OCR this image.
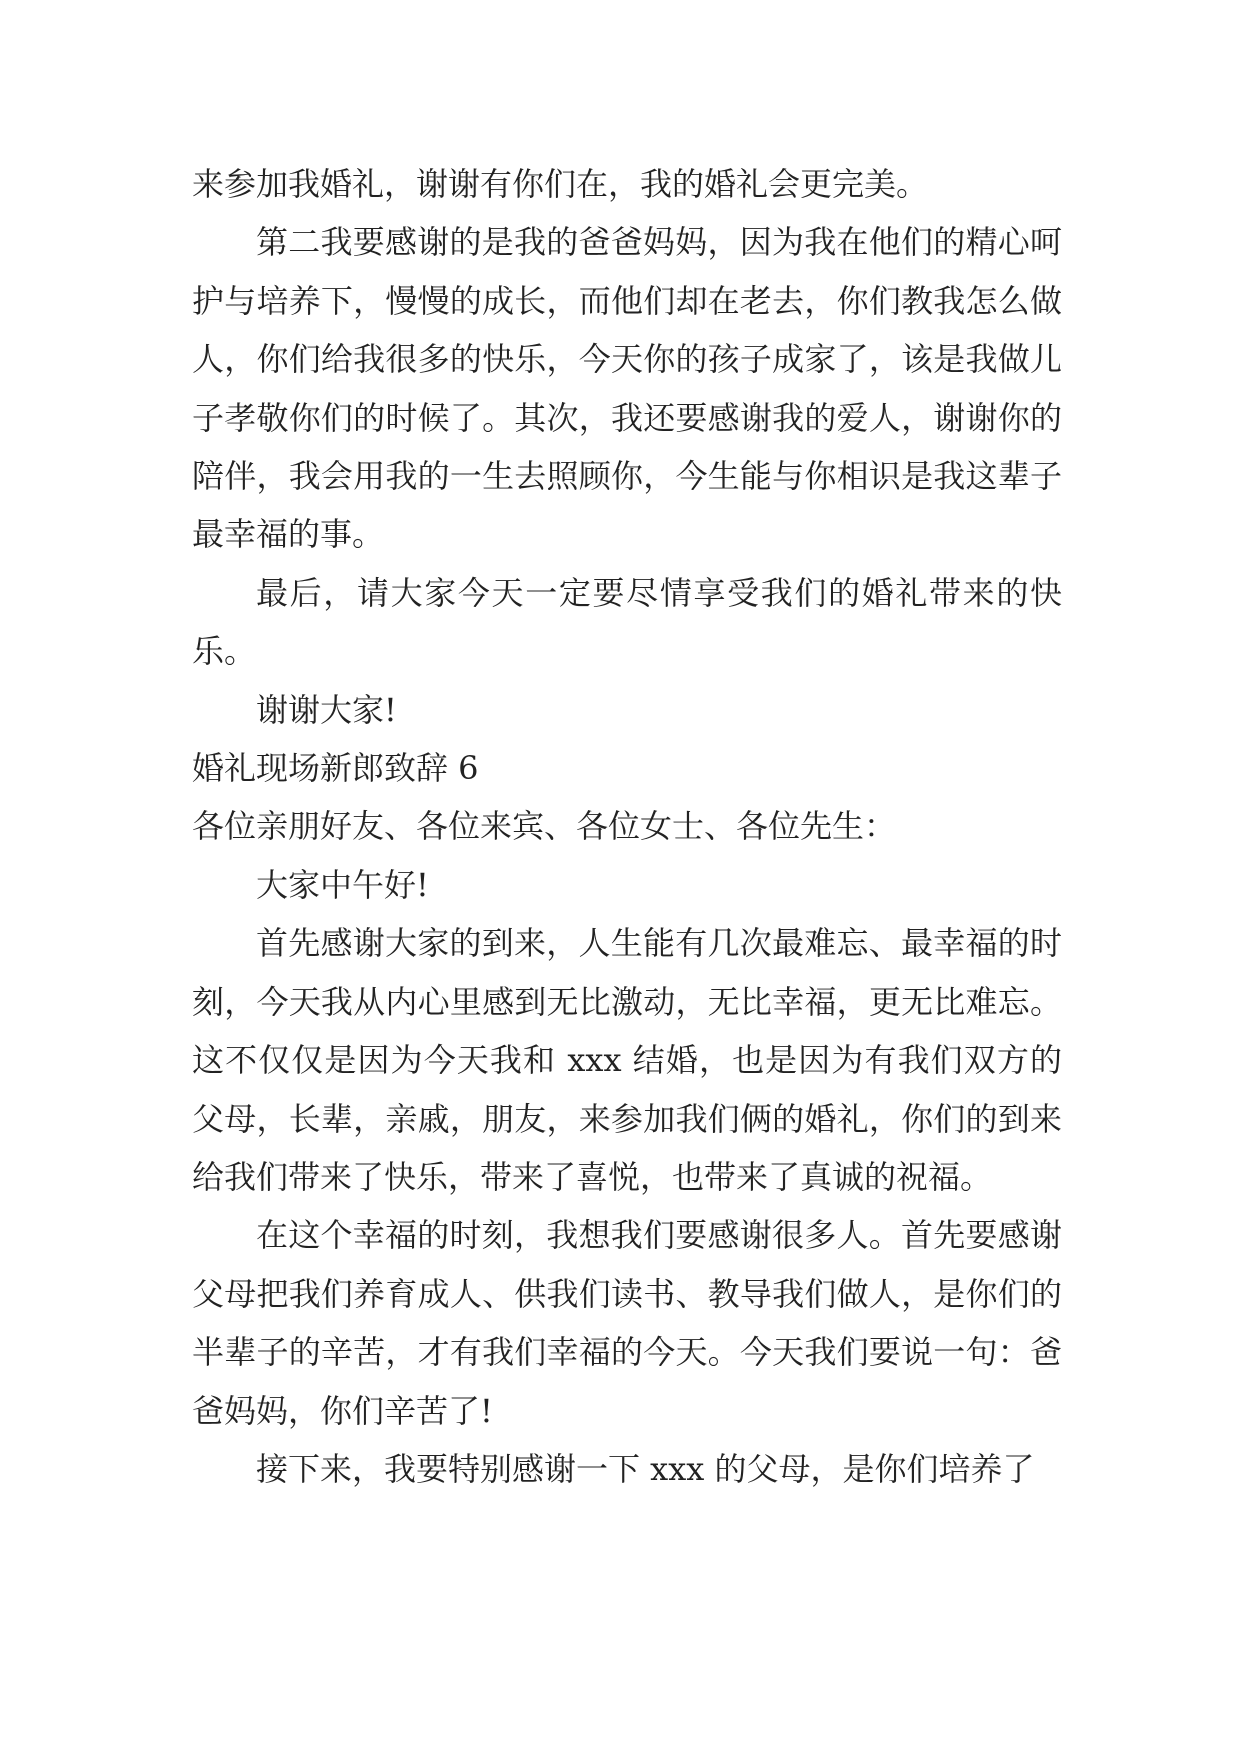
来参加我婚礼，谢谢有你们在，我的婚礼会更完美。

第二我要感谢的是我的爸爸妈妈，因为我在他们的精心呵护与培养下，慢慢的成长，而他们却在老去，你们教我怎么做人，你们给我很多的快乐，今天你的孩子成家了，该是我做儿子孝敬你们的时候了。其次，我还要感谢我的爱人，谢谢你的陪伴，我会用我的一生去照顾你，今生能与你相识是我这辈子最幸福的事。

最后，请大家今天一定要尽情享受我们的婚礼带来的快乐。

谢谢大家!

婚礼现场新郎致辞 6

各位亲朋好友、各位来宾、各位女士、各位先生：

大家中午好!

首先感谢大家的到来，人生能有几次最难忘、最幸福的时刻，今天我从内心里感到无比激动，无比幸福，更无比难忘。这不仅仅是因为今天我和 xxx 结婚，也是因为有我们双方的父母，长辈，亲戚，朋友，来参加我们俩的婚礼，你们的到来给我们带来了快乐，带来了喜悦，也带来了真诚的祝福。

在这个幸福的时刻，我想我们要感谢很多人。首先要感谢父母把我们养育成人、供我们读书、教导我们做人，是你们的半辈子的辛苦，才有我们幸福的今天。今天我们要说一句：爸爸妈妈，你们辛苦了!

接下来，我要特别感谢一下 xxx 的父母，是你们培养了
